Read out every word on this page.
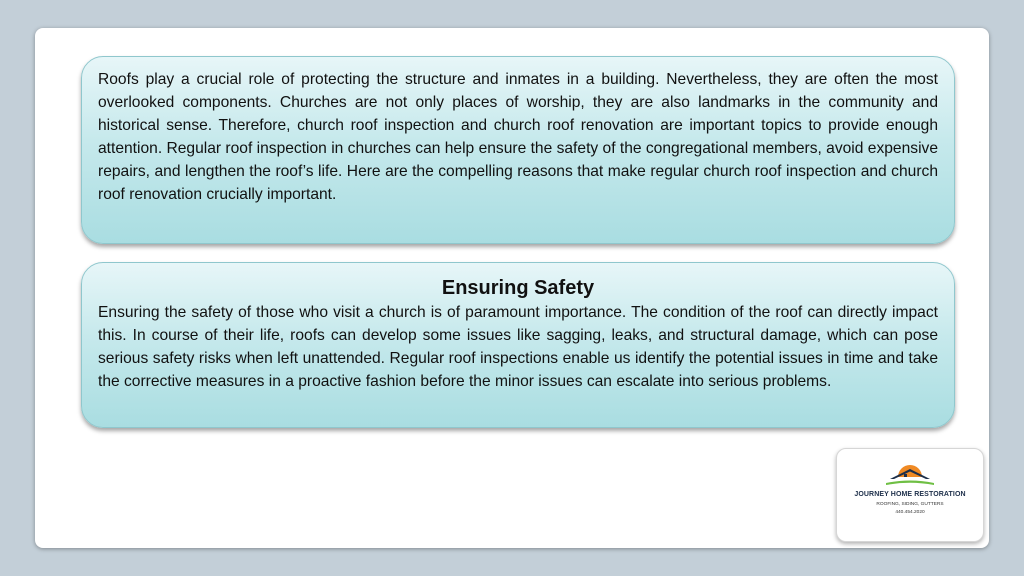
Roofs play a crucial role of protecting the structure and inmates in a building. Nevertheless, they are often the most overlooked components. Churches are not only places of worship, they are also landmarks in the community and historical sense. Therefore, church roof inspection and church roof renovation are important topics to provide enough attention. Regular roof inspection in churches can help ensure the safety of the congregational members, avoid expensive repairs, and lengthen the roof’s life. Here are the compelling reasons that make regular church roof inspection and church roof renovation crucially important.

Ensuring Safety

Ensuring the safety of those who visit a church is of paramount importance. The condition of the roof can directly impact this. In course of their life, roofs can develop some issues like sagging, leaks, and structural damage, which can pose serious safety risks when left unattended. Regular roof inspections enable us identify the potential issues in time and take the corrective measures in a proactive fashion before the minor issues can escalate into serious problems.

JOURNEY HOME RESTORATION
ROOFING, SIDING, GUTTERS
440.454.2020
